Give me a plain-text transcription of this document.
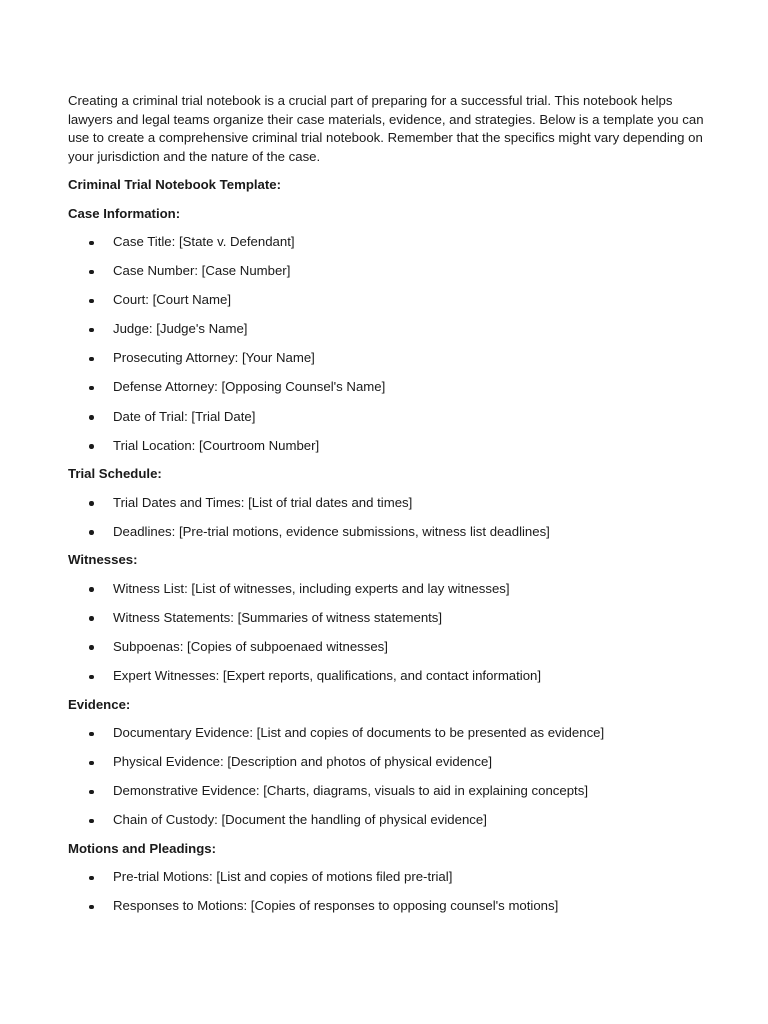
Creating a criminal trial notebook is a crucial part of preparing for a successful trial. This notebook helps lawyers and legal teams organize their case materials, evidence, and strategies. Below is a template you can use to create a comprehensive criminal trial notebook. Remember that the specifics might vary depending on your jurisdiction and the nature of the case.

Criminal Trial Notebook Template:

Case Information:

Case Title: [State v. Defendant]
Case Number: [Case Number]
Court: [Court Name]
Judge: [Judge's Name]
Prosecuting Attorney: [Your Name]
Defense Attorney: [Opposing Counsel's Name]
Date of Trial: [Trial Date]
Trial Location: [Courtroom Number]

Trial Schedule:

Trial Dates and Times: [List of trial dates and times]
Deadlines: [Pre-trial motions, evidence submissions, witness list deadlines]

Witnesses:

Witness List: [List of witnesses, including experts and lay witnesses]
Witness Statements: [Summaries of witness statements]
Subpoenas: [Copies of subpoenaed witnesses]
Expert Witnesses: [Expert reports, qualifications, and contact information]

Evidence:

Documentary Evidence: [List and copies of documents to be presented as evidence]
Physical Evidence: [Description and photos of physical evidence]
Demonstrative Evidence: [Charts, diagrams, visuals to aid in explaining concepts]
Chain of Custody: [Document the handling of physical evidence]

Motions and Pleadings:

Pre-trial Motions: [List and copies of motions filed pre-trial]
Responses to Motions: [Copies of responses to opposing counsel's motions]
